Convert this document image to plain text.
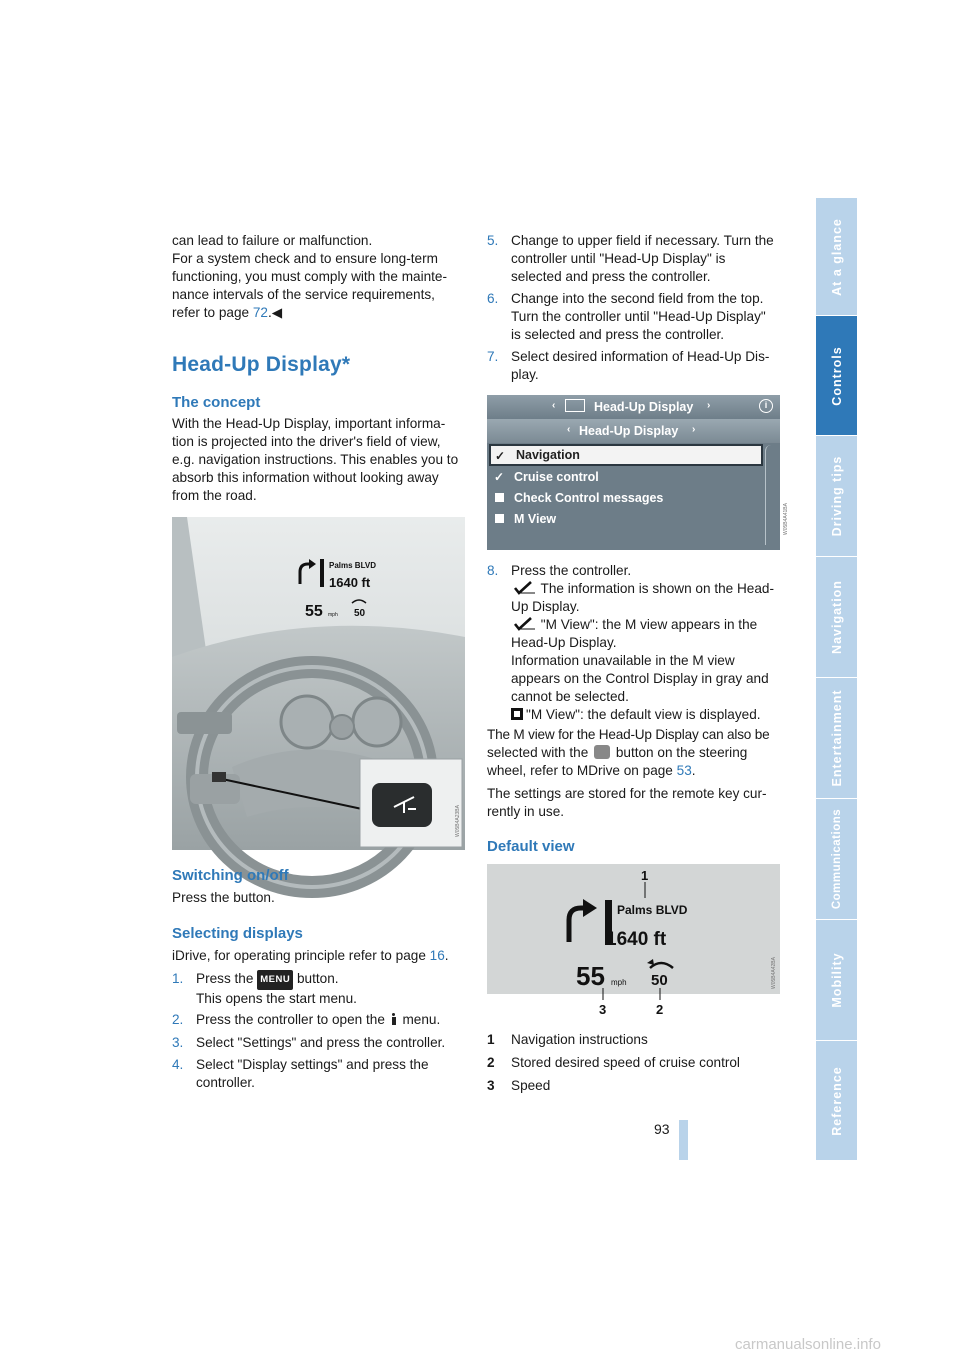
can lead to failure or malfunction.
For a system check and to ensure long-term
functioning, you must comply with the mainte-
nance intervals of the service requirements,
refer to page 72.◀
Head-Up Display*
The concept
With the Head-Up Display, important informa-
tion is projected into the driver's field of view,
e.g. navigation instructions. This enables you to
absorb this information without looking away
from the road.
Palms BLVD
1640 ft
55 mph 50
W05B4A23BA
Switching on/off
Press the button.
Selecting displays
iDrive, for operating principle refer to page 16.
1. Press the MENU button.
This opens the start menu.
2. Press the controller to open the  menu.
3. Select "Settings" and press the controller.
4. Select "Display settings" and press the
controller.
5. Change to upper field if necessary. Turn the
controller until "Head-Up Display" is
selected and press the controller.
6. Change into the second field from the top.
Turn the controller until "Head-Up Display"
is selected and press the controller.
7. Select desired information of Head-Up Dis-
play.
‹	Head-Up Display ›	i
‹ Head-Up Display ›
✓ Navigation
✓ Cruise control
Check Control messages
M View	W05B4A41BA
8. Press the controller.
The information is shown on the Head-
Up Display.
"M View": the M view appears in the
Head-Up Display.
Information unavailable in the M view
appears on the Control Display in gray and
cannot be selected.
"M View": the default view is displayed.
The M view for the Head-Up Display can also be
selected with the  button on the steering
wheel, refer to MDrive on page 53.
The settings are stored for the remote key cur-
rently in use.
Default view
Palms BLVD
1640 ft
55 mph 50
1
3	2
W05B4A42BA
1 Navigation instructions
2 Stored desired speed of cruise control
3 Speed
93
At a glance
Controls
Driving tips
Navigation
Entertainment
Communications
Mobility
Reference
carmanualsonline.info
